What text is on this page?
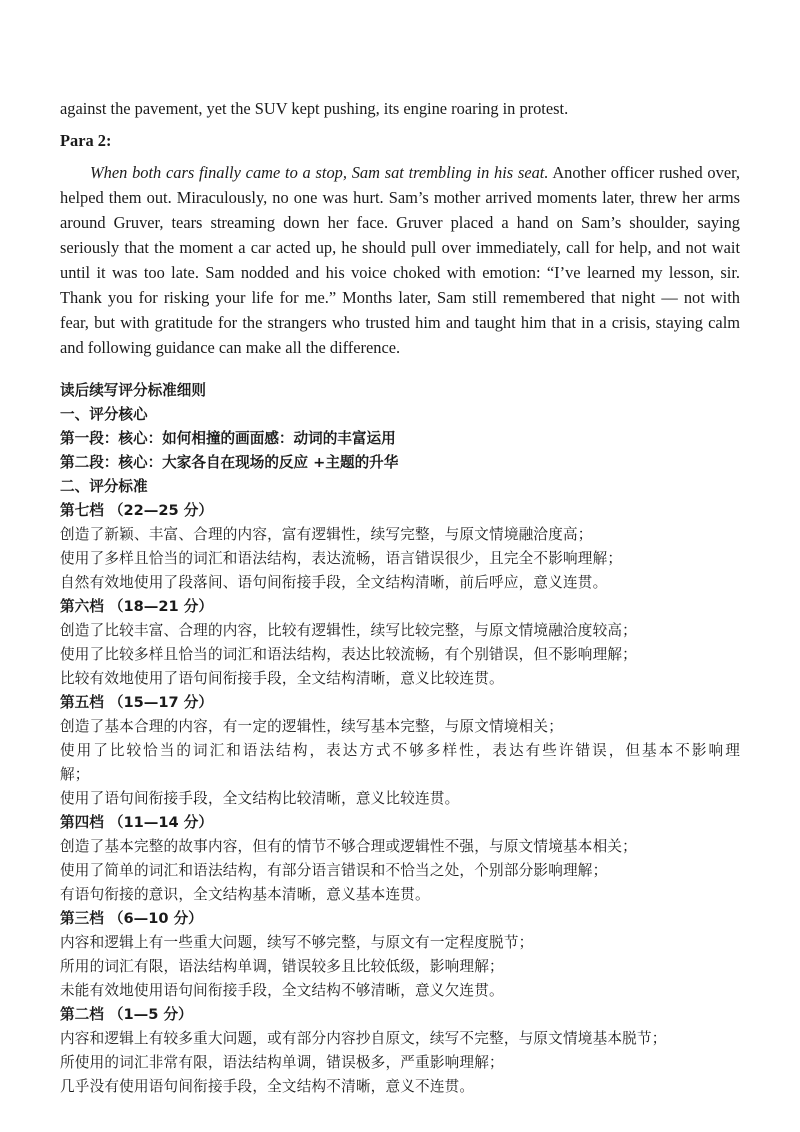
against the pavement, yet the SUV kept pushing, its engine roaring in protest.

Para 2:

When both cars finally came to a stop, Sam sat trembling in his seat. Another officer rushed over,

helped them out. Miraculously, no one was hurt. Sam’s mother arrived moments later, threw her arms

around Gruver, tears streaming down her face. Gruver placed a hand on Sam’s shoulder, saying

seriously that the moment a car acted up, he should pull over immediately, call for help, and not wait

until it was too late. Sam nodded and his voice choked with emotion: “I’ve learned my lesson, sir.

Thank you for risking your life for me.” Months later, Sam still remembered that night — not with

fear, but with gratitude for the strangers who trusted him and taught him that in a crisis, staying calm

and following guidance can make all the difference.

读后续写评分标准细则

一、评分核心

第一段：核心：如何相撞的画面感：动词的丰富运用

第二段：核心：大家各自在现场的反应 +主题的升华

二、评分标准

第七档 （22—25 分）

创造了新颖、丰富、合理的内容，富有逻辑性，续写完整，与原文情境融洽度高；

使用了多样且恰当的词汇和语法结构，表达流畅，语言错误很少，且完全不影响理解；

自然有效地使用了段落间、语句间衔接手段，全文结构清晰，前后呼应，意义连贯。

第六档 （18—21 分）

创造了比较丰富、合理的内容，比较有逻辑性，续写比较完整，与原文情境融洽度较高；

使用了比较多样且恰当的词汇和语法结构，表达比较流畅，有个别错误，但不影响理解；

比较有效地使用了语句间衔接手段，全文结构清晰，意义比较连贯。

第五档 （15—17 分）

创造了基本合理的内容，有一定的逻辑性，续写基本完整，与原文情境相关；

使用了比较恰当的词汇和语法结构，表达方式不够多样性，表达有些许错误，但基本不影响理

解；

使用了语句间衔接手段，全文结构比较清晰，意义比较连贯。

第四档 （11—14 分）

创造了基本完整的故事内容，但有的情节不够合理或逻辑性不强，与原文情境基本相关；

使用了简单的词汇和语法结构，有部分语言错误和不恰当之处，个别部分影响理解；

有语句衔接的意识，全文结构基本清晰，意义基本连贯。

第三档 （6—10 分）

内容和逻辑上有一些重大问题，续写不够完整，与原文有一定程度脱节；

所用的词汇有限，语法结构单调，错误较多且比较低级，影响理解；

未能有效地使用语句间衔接手段，全文结构不够清晰，意义欠连贯。

第二档 （1—5 分）

内容和逻辑上有较多重大问题，或有部分内容抄自原文，续写不完整，与原文情境基本脱节；

所使用的词汇非常有限，语法结构单调，错误极多，严重影响理解；

几乎没有使用语句间衔接手段，全文结构不清晰，意义不连贯。
